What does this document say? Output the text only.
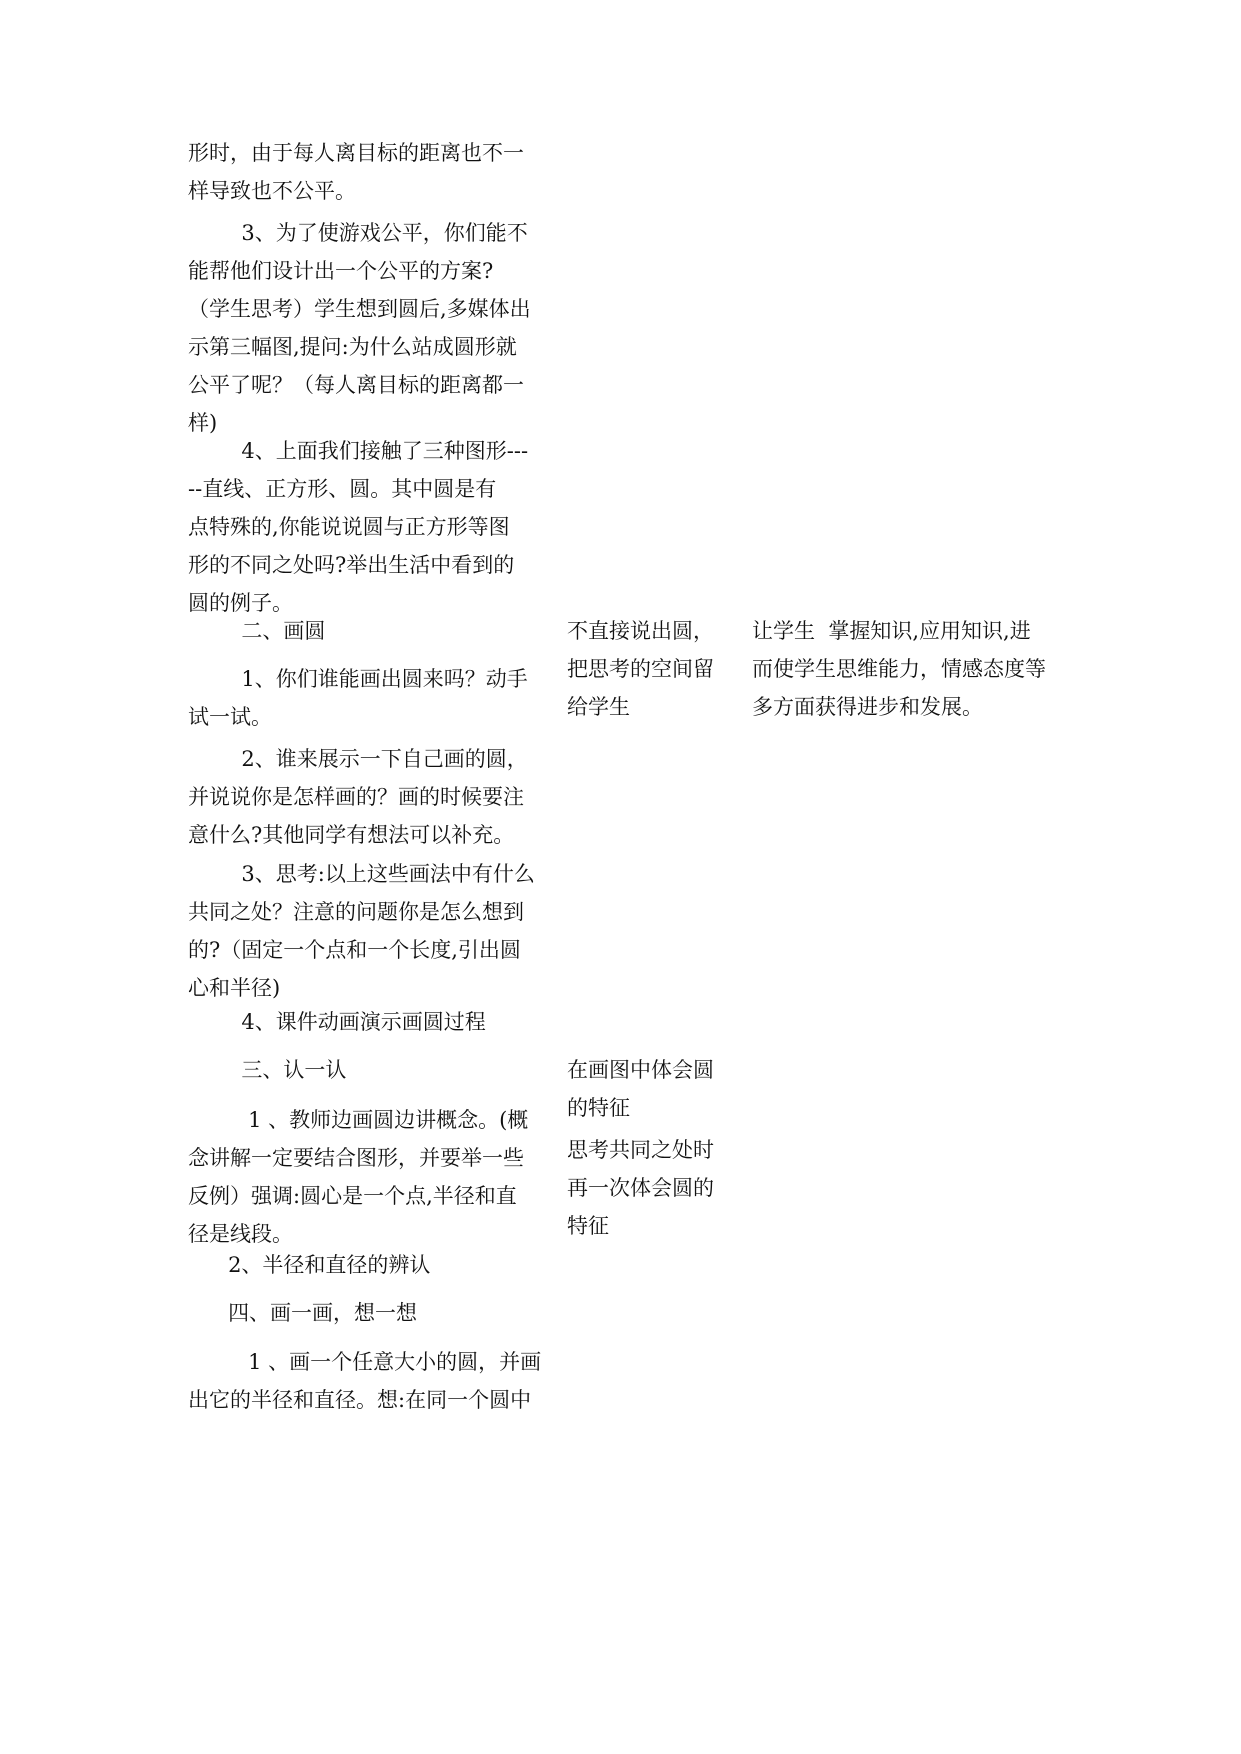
形时，由于每人离目标的距离也不一
样导致也不公平。
3、为了使游戏公平，你们能不
能帮他们设计出一个公平的方案?
（学生思考）学生想到圆后,多媒体出
示第三幅图,提问:为什么站成圆形就
公平了呢？（每人离目标的距离都一
样)
4、上面我们接触了三种图形---
--直线、正方形、圆。其中圆是有
点特殊的,你能说说圆与正方形等图
形的不同之处吗?举出生活中看到的
圆的例子。
二、画圆
1、你们谁能画出圆来吗？动手
试一试。
2、谁来展示一下自己画的圆，
并说说你是怎样画的？画的时候要注
意什么?其他同学有想法可以补充。
3、思考:以上这些画法中有什么
共同之处？注意的问题你是怎么想到
的?（固定一个点和一个长度,引出圆
心和半径)
4、课件动画演示画圆过程
三、认一认
1 、教师边画圆边讲概念。(概
念讲解一定要结合图形，并要举一些
反例）强调:圆心是一个点,半径和直
径是线段。
2、半径和直径的辨认
四、画一画，想一想
1 、画一个任意大小的圆，并画
出它的半径和直径。想:在同一个圆中
不直接说出圆，
把思考的空间留
给学生
在画图中体会圆
的特征
思考共同之处时
再一次体会圆的
特征
让学生  掌握知识,应用知识,进
而使学生思维能力，情感态度等
多方面获得进步和发展。
